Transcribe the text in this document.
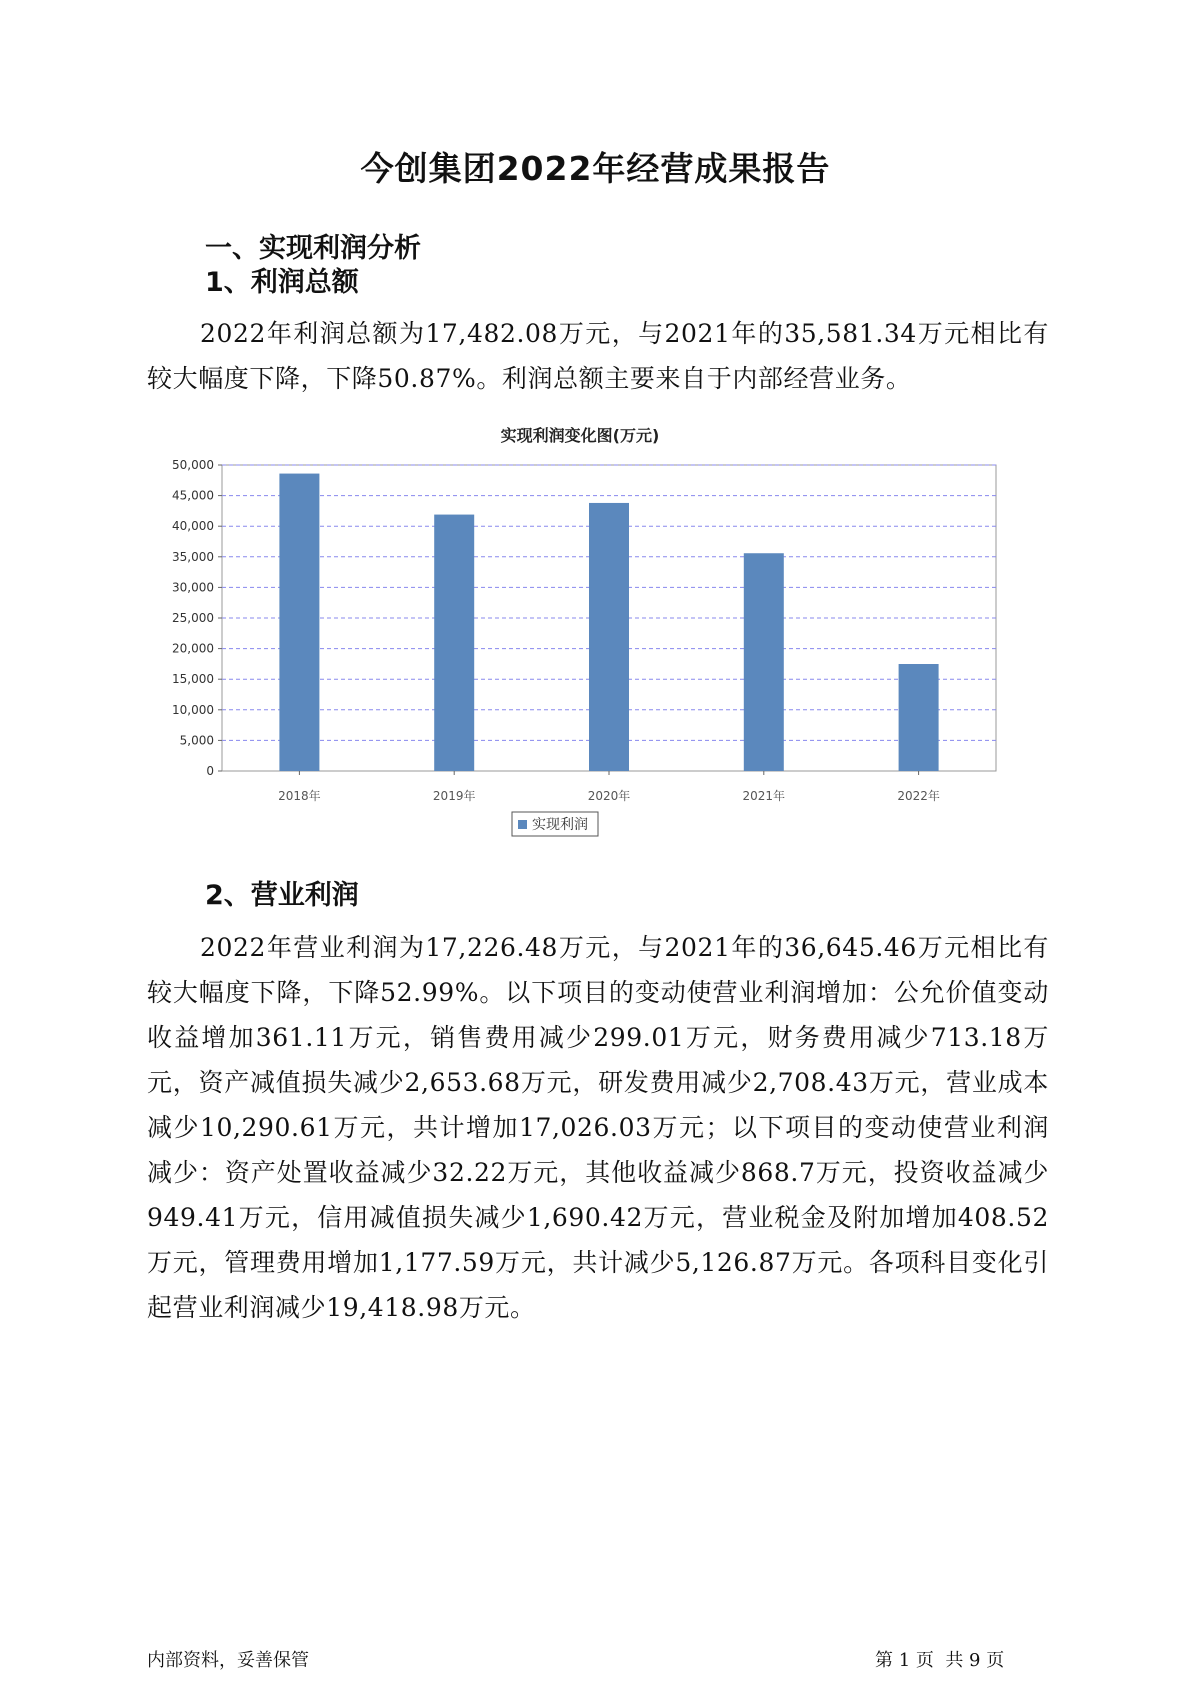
今创集团2022年经营成果报告
一、实现利润分析
1、利润总额
2022年利润总额为17,482.08万元，与2021年的35,581.34万元相比有较大幅度下降，下降50.87%。利润总额主要来自于内部经营业务。
实现利润变化图(万元)
0
5,000
10,000
15,000
20,000
25,000
30,000
35,000
40,000
45,000
50,000
2018年	2019年	2020年	2021年	2022年
实现利润
2、营业利润
2022年营业利润为17,226.48万元，与2021年的36,645.46万元相比有较大幅度下降，下降52.99%。以下项目的变动使营业利润增加：公允价值变动收益增加361.11万元，销售费用减少299.01万元，财务费用减少713.18万元，资产减值损失减少2,653.68万元，研发费用减少2,708.43万元，营业成本减少10,290.61万元，共计增加17,026.03万元；以下项目的变动使营业利润减少：资产处置收益减少32.22万元，其他收益减少868.7万元，投资收益减少949.41万元，信用减值损失减少1,690.42万元，营业税金及附加增加408.52万元，管理费用增加1,177.59万元，共计减少5,126.87万元。各项科目变化引起营业利润减少19,418.98万元。
内部资料，妥善保管	第 1 页  共 9 页
